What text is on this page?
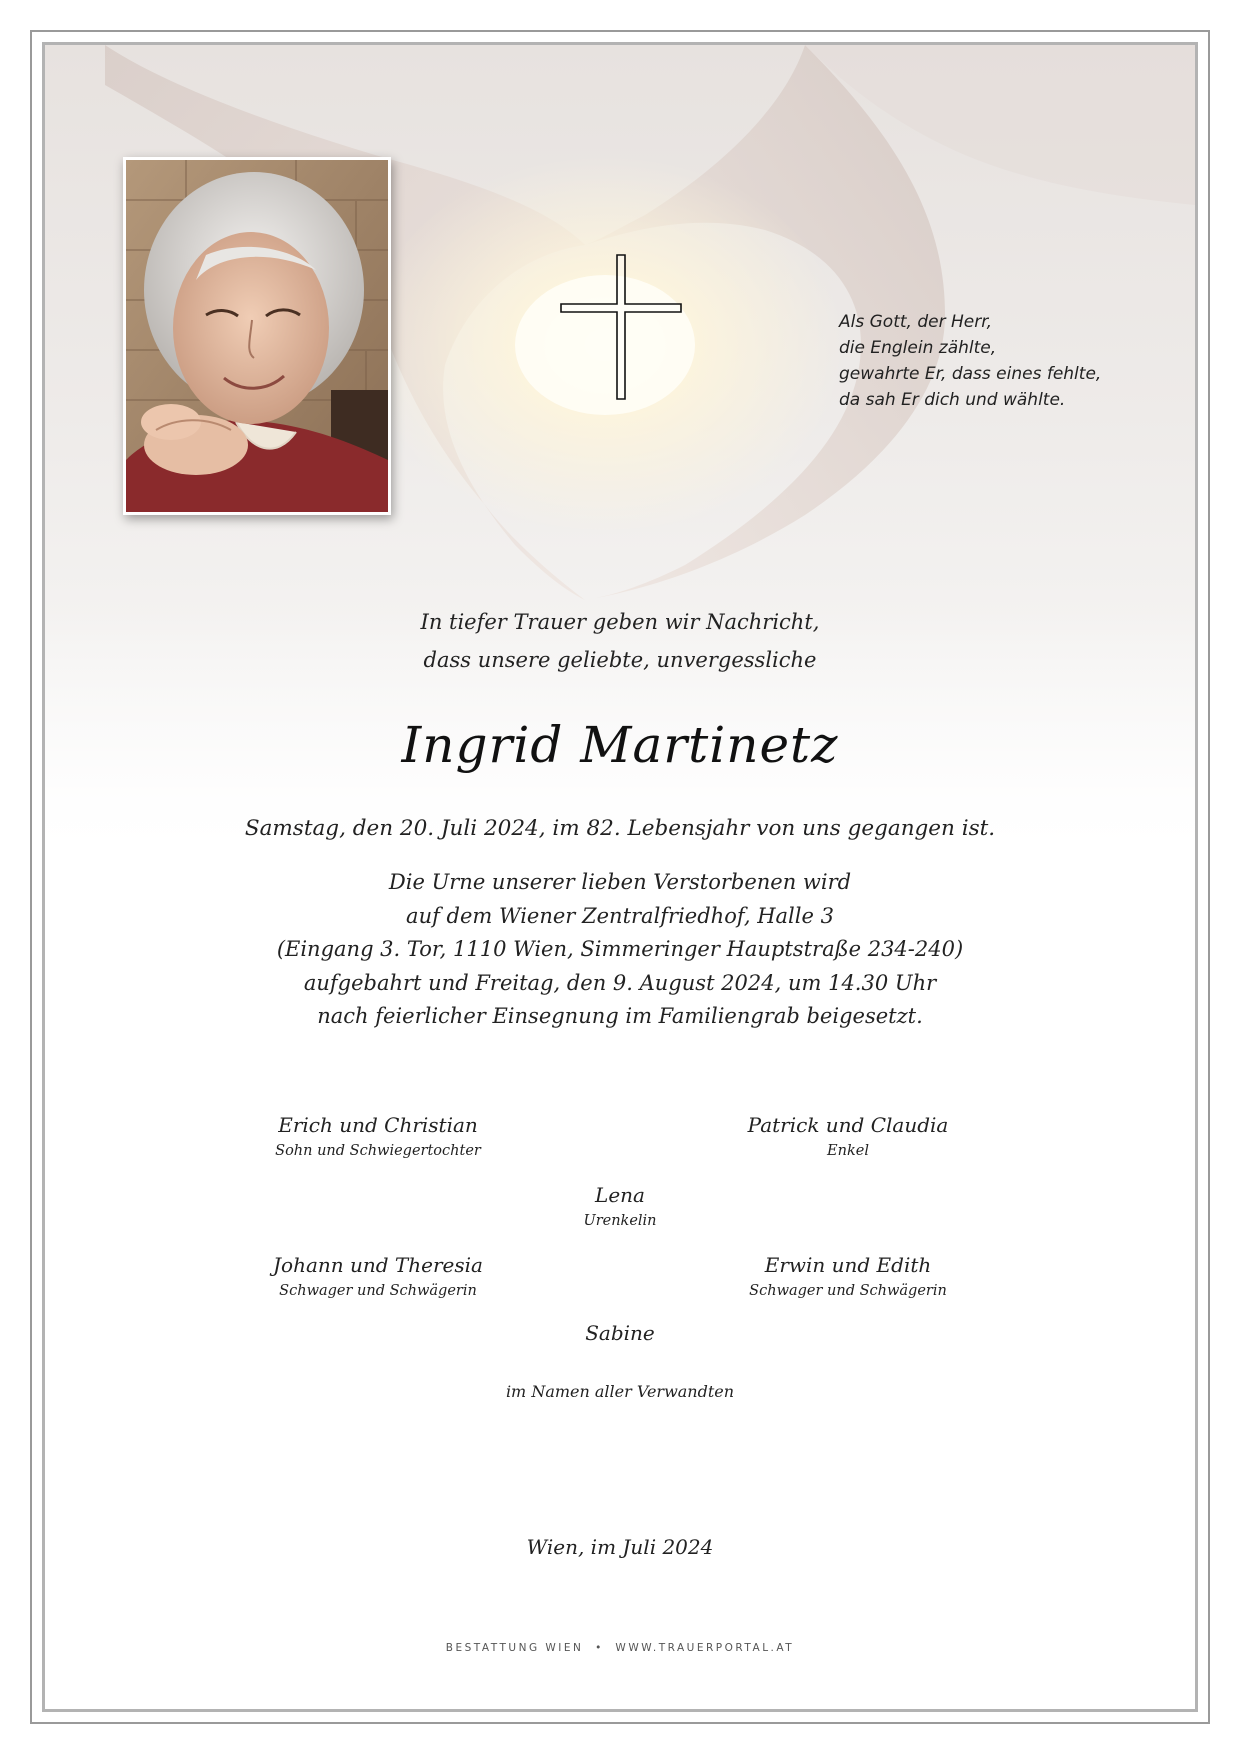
Als Gott, der Herr,
die Englein zählte,
gewahrte Er, dass eines fehlte,
da sah Er dich und wählte.
In tiefer Trauer geben wir Nachricht,
dass unsere geliebte, unvergessliche
Ingrid Martinetz
Samstag, den 20. Juli 2024, im 82. Lebensjahr von uns gegangen ist.
Die Urne unserer lieben Verstorbenen wird
auf dem Wiener Zentralfriedhof, Halle 3
(Eingang 3. Tor, 1110 Wien, Simmeringer Hauptstraße 234-240)
aufgebahrt und Freitag, den 9. August 2024, um 14.30 Uhr
nach feierlicher Einsegnung im Familiengrab beigesetzt.
Erich und Christian
Sohn und Schwiegertochter
Patrick und Claudia
Enkel
Lena
Urenkelin
Johann und Theresia
Schwager und Schwägerin
Erwin und Edith
Schwager und Schwägerin
Sabine
im Namen aller Verwandten
Wien, im Juli 2024
BESTATTUNG WIEN  •  WWW.TRAUERPORTAL.AT
